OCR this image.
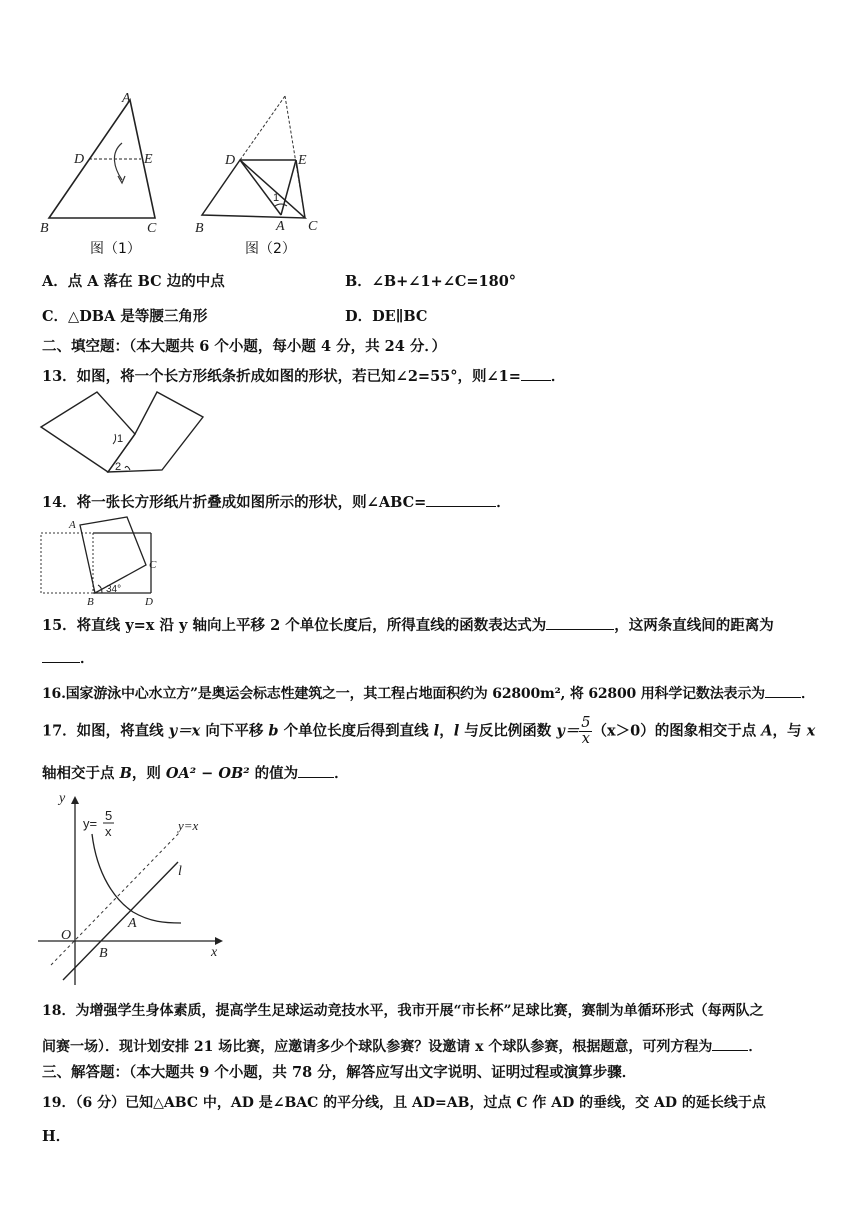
A
D	E
B	C
图（1）
D	E
1
A
B	C
图（2）
A．点 A 落在 BC 边的中点	B．∠B+∠1+∠C=180°
C．△DBA 是等腰三角形	D．DE∥BC
二、填空题：（本大题共 6 个小题，每小题 4 分，共 24 分．）
13．如图，将一个长方形纸条折成如图的形状，若已知∠2=55°，则∠1= ．
1
2
14．将一张长方形纸片折叠成如图所示的形状，则∠ABC=	．
A
C
B	D
34°
15．将直线 y=x 沿 y 轴向上平移 2 个单位长度后，所得直线的函数表达式为	，这两条直线间的距离为
．
16.国家游泳中心水立方”是奥运会标志性建筑之一，其工程占地面积约为 62800m², 将 62800 用科学记数法表示为	．
17．如图，将直线 y＝x 向下平移 b 个单位长度后得到直线 l，l 与反比例函数 $y= \frac{5}{x} (x>0)$的图象相交于点 A，与 x
轴相交于点 B，则 OA² − OB² 的值为 ．
y
x
O
A
B
l
y=x
y=
5
x
18．为增强学生身体素质，提高学生足球运动竞技水平，我市开展“市长杯”足球比赛，赛制为单循环形式（每两队之
间赛一场）．现计划安排 21 场比赛，应邀请多少个球队参赛？设邀请 x 个球队参赛，根据题意，可列方程为	．
三、解答题：（本大题共 9 个小题，共 78 分，解答应写出文字说明、证明过程或演算步骤．
19．（6 分）已知△ABC 中，AD 是∠BAC 的平分线，且 AD=AB，过点 C 作 AD 的垂线，交 AD 的延长线于点
H．
